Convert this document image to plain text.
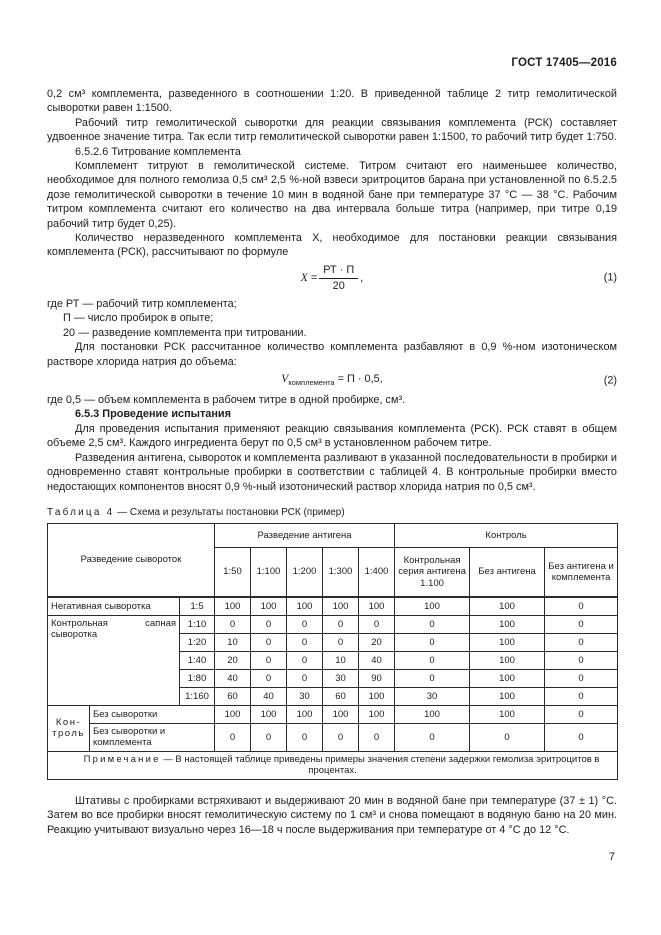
ГОСТ 17405—2016

0,2 см³ комплемента, разведенного в соотношении 1:20. В приведенной таблице 2 титр гемолитической сыворотки равен 1:1500.

Рабочий титр гемолитической сыворотки для реакции связывания комплемента (РСК) составляет удвоенное значение титра. Так если титр гемолитической сыворотки равен 1:1500, то рабочий титр будет 1:750.

6.5.2.6 Титрование комплемента

Комплемент титруют в гемолитической системе. Титром считают его наименьшее количество, необходимое для полного гемолиза 0,5 см³ 2,5 %-ной взвеси эритроцитов барана при установленной по 6.5.2.5 дозе гемолитической сыворотки в течение 10 мин в водяной бане при температуре 37 °С — 38 °С. Рабочим титром комплемента считают его количество на два интервала больше титра (например, при титре 0,19 рабочий титр будет 0,25).

Количество неразведенного комплемента X, необходимое для постановки реакции связывания комплемента (РСК), рассчитывают по формуле

$X = \frac{РТ \cdot П}{20}$ ,	(1)

где РТ — рабочий титр комплемента;

П — число пробирок в опыте;

20 — разведение комплемента при титровании.

Для постановки РСК рассчитанное количество комплемента разбавляют в 0,9 %-ном изотоническом растворе хлорида натрия до объема:

$V_{комплемента} = П \cdot 0,5$,	(2)

где 0,5 — объем комплемента в рабочем титре в одной пробирке, см³.

6.5.3 Проведение испытания

Для проведения испытания применяют реакцию связывания комплемента (РСК). РСК ставят в общем объеме 2,5 см³. Каждого ингредиента берут по 0,5 см³ в установленном рабочем титре.

Разведения антигена, сывороток и комплемента разливают в указанной последовательности в пробирки и одновременно ставят контрольные пробирки в соответствии с таблицей 4. В контрольные пробирки вместо недостающих компонентов вносят 0,9 %-ный изотонический раствор хлорида натрия по 0,5 см³.

Таблица 4 — Схема и результаты постановки РСК (пример)
Разведение сывороток			Разведение антигена					Контроль		
			1:50	1:100	1:200	1:300	1:400	Контрольная серия антигена 1.100	Без антигена	Без антигена и комплемента
Негативная сыворотка		1:5	100	100	100	100	100	100	100	0
Контрольная сапная сыворотка		1:10	0	0	0	0	0	0	100	0
		1:20	10	0	0	0	20	0	100	0
		1:40	20	0	0	10	40	0	100	0
		1:80	40	0	0	30	90	0	100	0
		1:160	60	40	30	60	100	30	100	0
Кон-
троль	Без сыворотки		100	100	100	100	100	100	100	0
	Без сыворотки и комплемента		0	0	0	0	0	0	0	0
Примечание — В настоящей таблице приведены примеры значения степени задержки гемолиза эритроцитов в процентах.										

Штативы с пробирками встряхивают и выдерживают 20 мин в водяной бане при температуре (37 ± 1) °С. Затем во все пробирки вносят гемолитическую систему по 1 см³ и снова помещают в водяную баню на 20 мин. Реакцию учитывают визуально через 16—18 ч после выдерживания при температуре от 4 °С до 12 °С.

7
